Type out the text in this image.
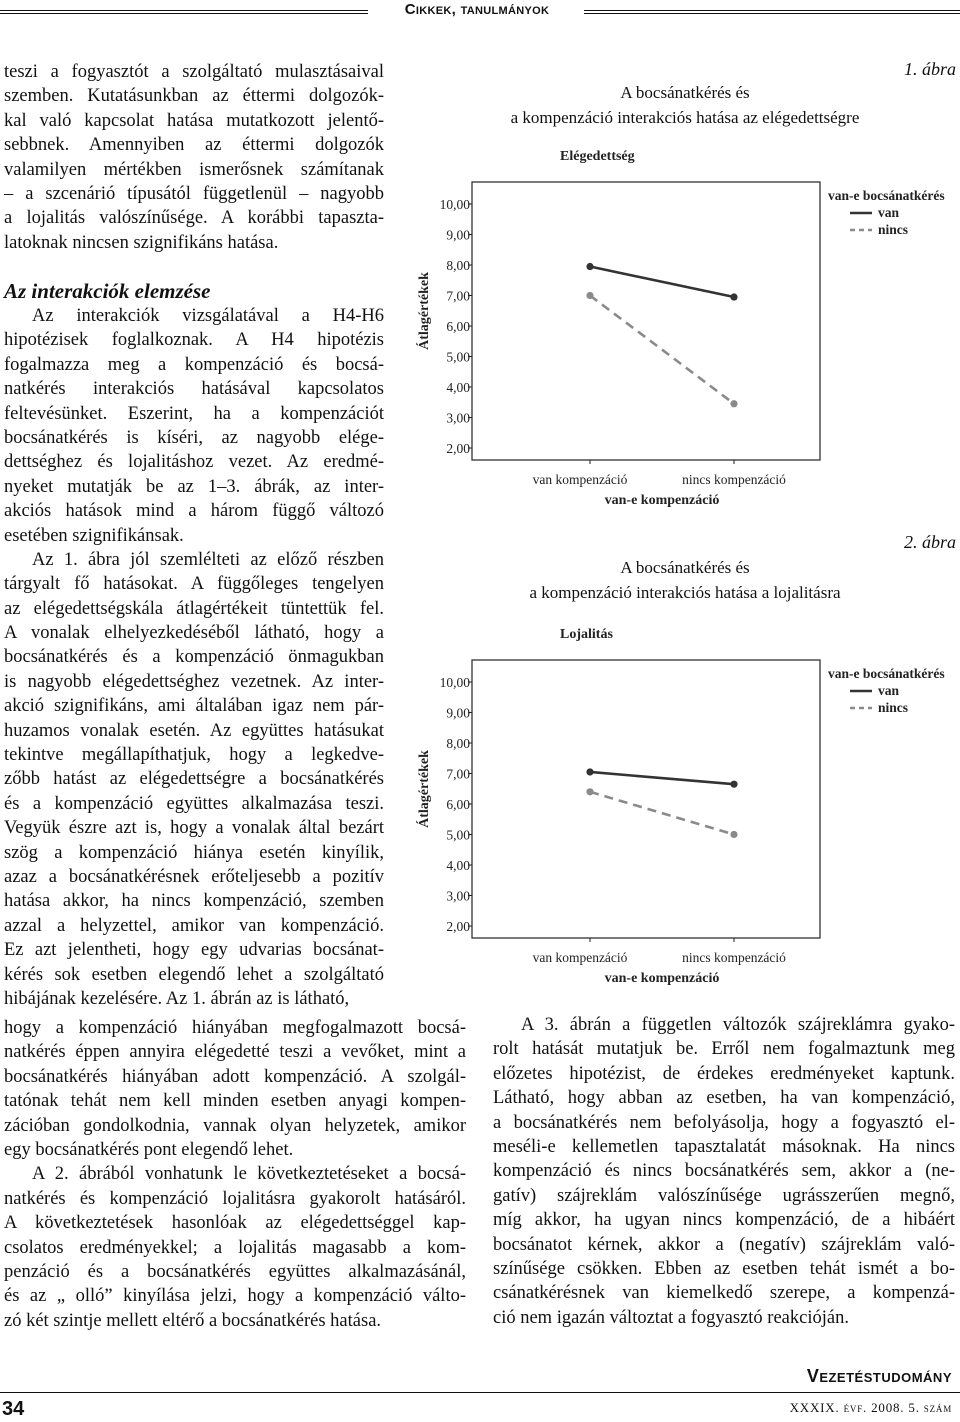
Cikkek, tanulmányok
teszi a fogyasztót a szolgáltató mulasztásaival
szemben. Kutatásunkban az éttermi dolgozók-
kal való kapcsolat hatása mutatkozott jelentő-
sebbnek. Amennyiben az éttermi dolgozók
valamilyen mértékben ismerősnek számítanak
– a szcenárió típusától függetlenül – nagyobb
a lojalitás valószínűsége. A korábbi tapaszta-
latoknak nincsen szignifikáns hatása.
Az interakciók elemzése
Az interakciók vizsgálatával a H4-H6
hipotézisek foglalkoznak. A H4 hipotézis
fogalmazza meg a kompenzáció és bocsá-
natkérés interakciós hatásával kapcsolatos
feltevésünket. Eszerint, ha a kompenzációt
bocsánatkérés is kíséri, az nagyobb elége-
dettséghez és lojalitáshoz vezet. Az eredmé-
nyeket mutatják be az 1–3. ábrák, az inter-
akciós hatások mind a három függő változó
esetében szignifikánsak.
Az 1. ábra jól szemlélteti az előző részben
tárgyalt fő hatásokat. A függőleges tengelyen
az elégedettségskála átlagértékeit tüntettük fel.
A vonalak elhelyezkedéséből látható, hogy a
bocsánatkérés és a kompenzáció önmagukban
is nagyobb elégedettséghez vezetnek. Az inter-
akció szignifikáns, ami általában igaz nem pár-
huzamos vonalak esetén. Az együttes hatásukat
tekintve megállapíthatjuk, hogy a legkedve-
zőbb hatást az elégedettségre a bocsánatkérés
és a kompenzáció együttes alkalmazása teszi.
Vegyük észre azt is, hogy a vonalak által bezárt
szög a kompenzáció hiánya esetén kinyílik,
azaz a bocsánatkérésnek erőteljesebb a pozitív
hatása akkor, ha nincs kompenzáció, szemben
azzal a helyzettel, amikor van kompenzáció.
Ez azt jelentheti, hogy egy udvarias bocsánat-
kérés sok esetben elegendő lehet a szolgáltató
hibájának kezelésére. Az 1. ábrán az is látható,
hogy a kompenzáció hiányában megfogalmazott bocsá-
natkérés éppen annyira elégedetté teszi a vevőket, mint a
bocsánatkérés hiányában adott kompenzáció. A szolgál-
tatónak tehát nem kell minden esetben anyagi kompen-
zációban gondolkodnia, vannak olyan helyzetek, amikor
egy bocsánatkérés pont elegendő lehet.
A 2. ábrából vonhatunk le következtetéseket a bocsá-
natkérés és kompenzáció lojalitásra gyakorolt hatásáról.
A következtetések hasonlóak az elégedettséggel kap-
csolatos eredményekkel; a lojalitás magasabb a kom-
penzáció és a bocsánatkérés együttes alkalmazásánál,
és az „ olló” kinyílása jelzi, hogy a kompenzáció válto-
zó két szintje mellett eltérő a bocsánatkérés hatása.
1. ábra
A bocsánatkérés és
a kompenzáció interakciós hatása az elégedettségre
Elégedettség
Átlagértékek
2,00
3,00
4,00
5,00
6,00
7,00
8,00
9,00
10,00
van kompenzáció	nincs kompenzáció
van-e kompenzáció
van-e bocsánatkérés
van
nincs
2. ábra
A bocsánatkérés és
a kompenzáció interakciós hatása a lojalitásra
Lojalitás
Átlagértékek
2,00
3,00
4,00
5,00
6,00
7,00
8,00
9,00
10,00
van kompenzáció	nincs kompenzáció
van-e kompenzáció
van-e bocsánatkérés
van
nincs
A 3. ábrán a független változók szájreklámra gyako-
rolt hatását mutatjuk be. Erről nem fogalmaztunk meg
előzetes hipotézist, de érdekes eredményeket kaptunk.
Látható, hogy abban az esetben, ha van kompenzáció,
a bocsánatkérés nem befolyásolja, hogy a fogyasztó el-
meséli-e kellemetlen tapasztalatát másoknak. Ha nincs
kompenzáció és nincs bocsánatkérés sem, akkor a (ne-
gatív) szájreklám valószínűsége ugrásszerűen megnő,
míg akkor, ha ugyan nincs kompenzáció, de a hibáért
bocsánatot kérnek, akkor a (negatív) szájreklám való-
színűsége csökken. Ebben az esetben tehát ismét a bo-
csánatkérésnek van kiemelkedő szerepe, a kompenzá-
ció nem igazán változtat a fogyasztó reakcióján.
Vezetéstudomány
34	XXXIX. évf. 2008. 5. szám
